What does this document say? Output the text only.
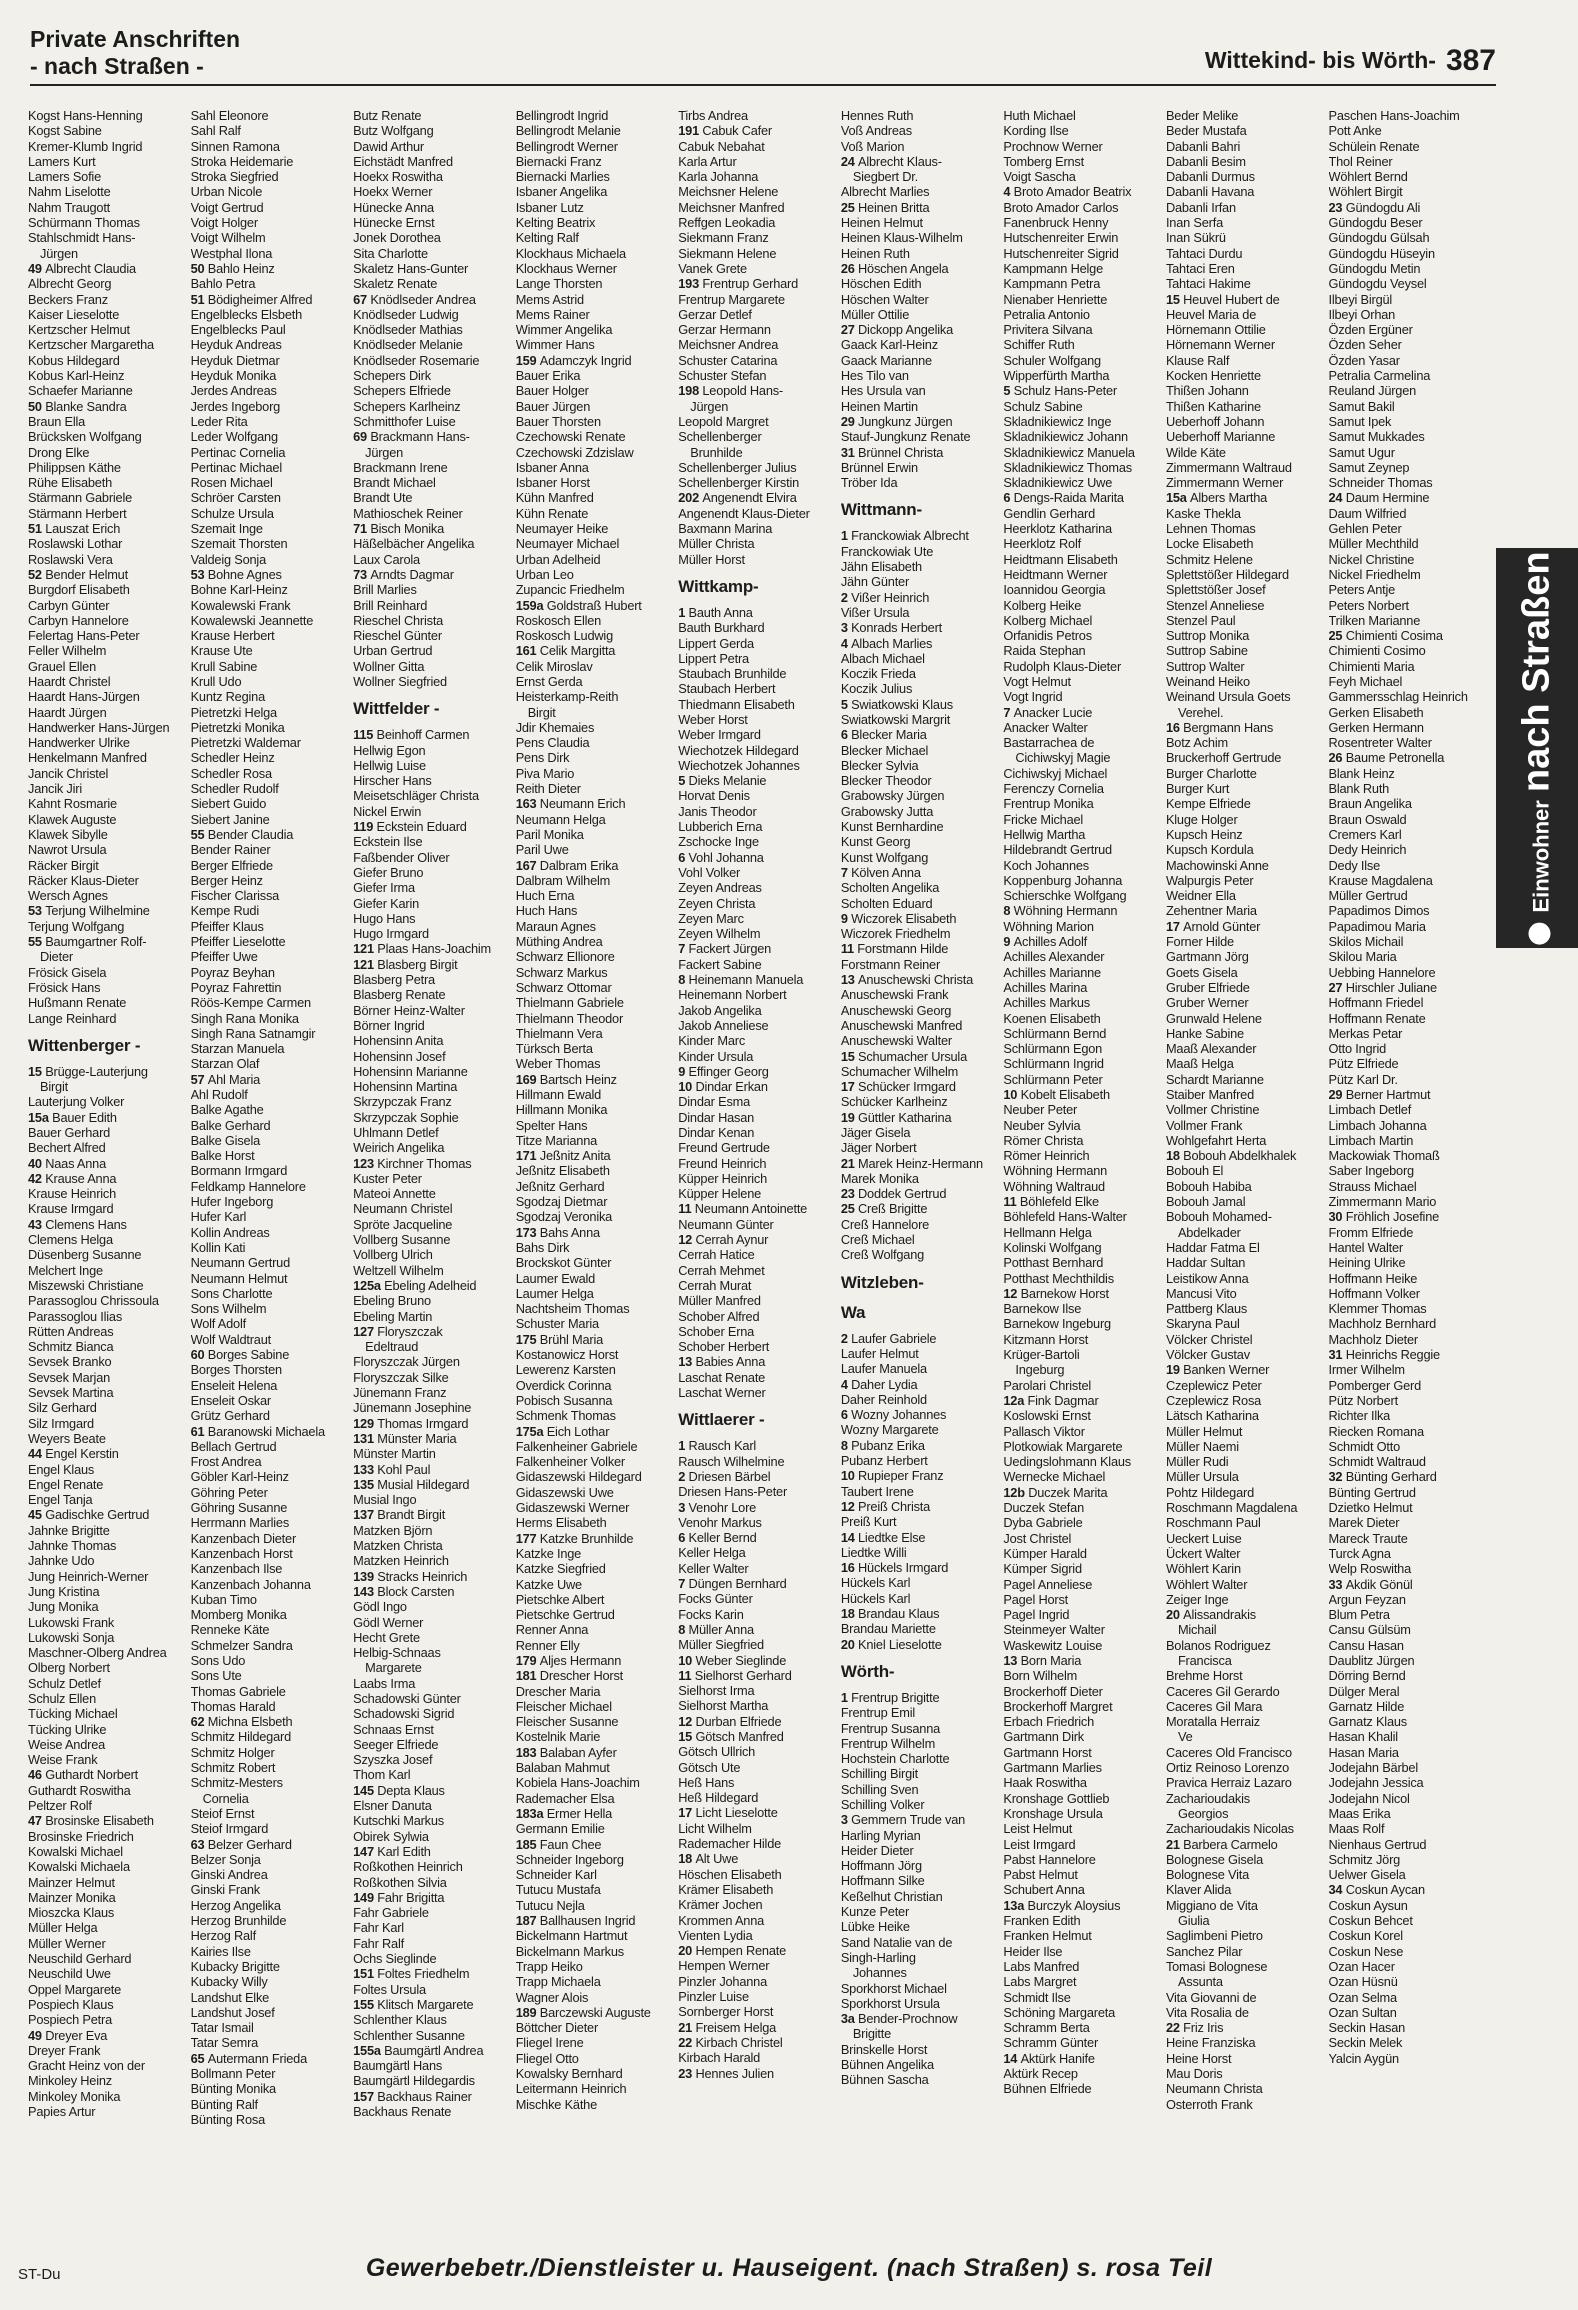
Private Anschriften
- nach Straßen -	Wittekind- bis Wörth- 387
Kogst Hans-Henning
Kogst Sabine
Kremer-Klumb Ingrid
Lamers Kurt
Lamers Sofie
Nahm Liselotte
Nahm Traugott
Schürmann Thomas
Stahlschmidt Hans-
Jürgen
49 Albrecht Claudia
Albrecht Georg
Beckers Franz
Kaiser Lieselotte
Kertzscher Helmut
Kertzscher Margaretha
Kobus Hildegard
Kobus Karl-Heinz
Schaefer Marianne
50 Blanke Sandra
Braun Ella
Brücksken Wolfgang
Drong Elke
Philippsen Käthe
Rühe Elisabeth
Stärmann Gabriele
Stärmann Herbert
51 Lauszat Erich
Roslawski Lothar
Roslawski Vera
52 Bender Helmut
Burgdorf Elisabeth
Carbyn Günter
Carbyn Hannelore
Felertag Hans-Peter
Feller Wilhelm
Grauel Ellen
Haardt Christel
Haardt Hans-Jürgen
Haardt Jürgen
Handwerker Hans-Jürgen
Handwerker Ulrike
Henkelmann Manfred
Jancik Christel
Jancik Jiri
Kahnt Rosmarie
Klawek Auguste
Klawek Sibylle
Nawrot Ursula
Räcker Birgit
Räcker Klaus-Dieter
Wersch Agnes
53 Terjung Wilhelmine
Terjung Wolfgang
55 Baumgartner Rolf-
Dieter
Frösick Gisela
Frösick Hans
Hußmann Renate
Lange Reinhard
Wittenberger -
15 Brügge-Lauterjung
Birgit
Lauterjung Volker
15a Bauer Edith
Bauer Gerhard
Bechert Alfred
40 Naas Anna
42 Krause Anna
Krause Heinrich
Krause Irmgard
43 Clemens Hans
Clemens Helga
Düsenberg Susanne
Melchert Inge
Miszewski Christiane
Parassoglou Chrissoula
Parassoglou Ilias
Rütten Andreas
Schmitz Bianca
Sevsek Branko
Sevsek Marjan
Sevsek Martina
Silz Gerhard
Silz Irmgard
Weyers Beate
44 Engel Kerstin
Engel Klaus
Engel Renate
Engel Tanja
45 Gadischke Gertrud
Jahnke Brigitte
Jahnke Thomas
Jahnke Udo
Jung Heinrich-Werner
Jung Kristina
Jung Monika
Lukowski Frank
Lukowski Sonja
Maschner-Olberg Andrea
Olberg Norbert
Schulz Detlef
Schulz Ellen
Tücking Michael
Tücking Ulrike
Weise Andrea
Weise Frank
46 Guthardt Norbert
Guthardt Roswitha
Peltzer Rolf
47 Brosinske Elisabeth
Brosinske Friedrich
Kowalski Michael
Kowalski Michaela
Mainzer Helmut
Mainzer Monika
Mioszcka Klaus
Müller Helga
Müller Werner
Neuschild Gerhard
Neuschild Uwe
Oppel Margarete
Pospiech Klaus
Pospiech Petra
49 Dreyer Eva
Dreyer Frank
Gracht Heinz von der
Minkoley Heinz
Minkoley Monika
Papies Artur
Sahl Eleonore
Sahl Ralf
Sinnen Ramona
Stroka Heidemarie
Stroka Siegfried
Urban Nicole
Voigt Gertrud
Voigt Holger
Voigt Wilhelm
Westphal Ilona
50 Bahlo Heinz
Bahlo Petra
51 Bödigheimer Alfred
Engelblecks Elsbeth
Engelblecks Paul
Heyduk Andreas
Heyduk Dietmar
Heyduk Monika
Jerdes Andreas
Jerdes Ingeborg
Leder Rita
Leder Wolfgang
Pertinac Cornelia
Pertinac Michael
Rosen Michael
Schröer Carsten
Schulze Ursula
Szemait Inge
Szemait Thorsten
Valdeig Sonja
53 Bohne Agnes
Bohne Karl-Heinz
Kowalewski Frank
Kowalewski Jeannette
Krause Herbert
Krause Ute
Krull Sabine
Krull Udo
Kuntz Regina
Pietretzki Helga
Pietretzki Monika
Pietretzki Waldemar
Schedler Heinz
Schedler Rosa
Schedler Rudolf
Siebert Guido
Siebert Janine
55 Bender Claudia
Bender Rainer
Berger Elfriede
Berger Heinz
Fischer Clarissa
Kempe Rudi
Pfeiffer Klaus
Pfeiffer Lieselotte
Pfeiffer Uwe
Poyraz Beyhan
Poyraz Fahrettin
Röös-Kempe Carmen
Singh Rana Monika
Singh Rana Satnamgir
Starzan Manuela
Starzan Olaf
57 Ahl Maria
Ahl Rudolf
Balke Agathe
Balke Gerhard
Balke Gisela
Balke Horst
Bormann Irmgard
Feldkamp Hannelore
Hufer Ingeborg
Hufer Karl
Kollin Andreas
Kollin Kati
Neumann Gertrud
Neumann Helmut
Sons Charlotte
Sons Wilhelm
Wolf Adolf
Wolf Waldtraut
60 Borges Sabine
Borges Thorsten
Enseleit Helena
Enseleit Oskar
Grütz Gerhard
61 Baranowski Michaela
Bellach Gertrud
Frost Andrea
Göbler Karl-Heinz
Göhring Peter
Göhring Susanne
Herrmann Marlies
Kanzenbach Dieter
Kanzenbach Horst
Kanzenbach Ilse
Kanzenbach Johanna
Kuban Timo
Momberg Monika
Renneke Käte
Schmelzer Sandra
Sons Udo
Sons Ute
Thomas Gabriele
Thomas Harald
62 Michna Elsbeth
Schmitz Hildegard
Schmitz Holger
Schmitz Robert
Schmitz-Mesters
Cornelia
Steiof Ernst
Steiof Irmgard
63 Belzer Gerhard
Belzer Sonja
Ginski Andrea
Ginski Frank
Herzog Angelika
Herzog Brunhilde
Herzog Ralf
Kairies Ilse
Kubacky Brigitte
Kubacky Willy
Landshut Elke
Landshut Josef
Tatar Ismail
Tatar Semra
65 Autermann Frieda
Bollmann Peter
Bünting Monika
Bünting Ralf
Bünting Rosa
Butz Renate
Butz Wolfgang
Dawid Arthur
Eichstädt Manfred
Hoekx Roswitha
Hoekx Werner
Hünecke Anna
Hünecke Ernst
Jonek Dorothea
Sita Charlotte
Skaletz Hans-Gunter
Skaletz Renate
67 Knödlseder Andrea
Knödlseder Ludwig
Knödlseder Mathias
Knödlseder Melanie
Knödlseder Rosemarie
Schepers Dirk
Schepers Elfriede
Schepers Karlheinz
Schmitthofer Luise
69 Brackmann Hans-
Jürgen
Brackmann Irene
Brandt Michael
Brandt Ute
Mathioschek Reiner
71 Bisch Monika
Häßelbächer Angelika
Laux Carola
73 Arndts Dagmar
Brill Marlies
Brill Reinhard
Rieschel Christa
Rieschel Günter
Urban Gertrud
Wollner Gitta
Wollner Siegfried
Wittfelder -
115 Beinhoff Carmen
Hellwig Egon
Hellwig Luise
Hirscher Hans
Meisetschläger Christa
Nickel Erwin
119 Eckstein Eduard
Eckstein Ilse
Faßbender Oliver
Giefer Bruno
Giefer Irma
Giefer Karin
Hugo Hans
Hugo Irmgard
121 Plaas Hans-Joachim
121 Blasberg Birgit
Blasberg Petra
Blasberg Renate
Börner Heinz-Walter
Börner Ingrid
Hohensinn Anita
Hohensinn Josef
Hohensinn Marianne
Hohensinn Martina
Skrzypczak Franz
Skrzypczak Sophie
Uhlmann Detlef
Weirich Angelika
123 Kirchner Thomas
Kuster Peter
Mateoi Annette
Neumann Christel
Spröte Jacqueline
Vollberg Susanne
Vollberg Ulrich
Weltzell Wilhelm
125a Ebeling Adelheid
Ebeling Bruno
Ebeling Martin
127 Floryszczak
Edeltraud
Floryszczak Jürgen
Floryszczak Silke
Jünemann Franz
Jünemann Josephine
129 Thomas Irmgard
131 Münster Maria
Münster Martin
133 Kohl Paul
135 Musial Hildegard
Musial Ingo
137 Brandt Birgit
Matzken Björn
Matzken Christa
Matzken Heinrich
139 Stracks Heinrich
143 Block Carsten
Gödl Ingo
Gödl Werner
Hecht Grete
Helbig-Schnaas
Margarete
Laabs Irma
Schadowski Günter
Schadowski Sigrid
Schnaas Ernst
Seeger Elfriede
Szyszka Josef
Thom Karl
145 Depta Klaus
Elsner Danuta
Kutschki Markus
Obirek Sylwia
147 Karl Edith
Roßkothen Heinrich
Roßkothen Silvia
149 Fahr Brigitta
Fahr Gabriele
Fahr Karl
Fahr Ralf
Ochs Sieglinde
151 Foltes Friedhelm
Foltes Ursula
155 Klitsch Margarete
Schlenther Klaus
Schlenther Susanne
155a Baumgärtl Andrea
Baumgärtl Hans
Baumgärtl Hildegardis
157 Backhaus Rainer
Backhaus Renate
Bellingrodt Ingrid
Bellingrodt Melanie
Bellingrodt Werner
Biernacki Franz
Biernacki Marlies
Isbaner Angelika
Isbaner Lutz
Kelting Beatrix
Kelting Ralf
Klockhaus Michaela
Klockhaus Werner
Lange Thorsten
Mems Astrid
Mems Rainer
Wimmer Angelika
Wimmer Hans
159 Adamczyk Ingrid
Bauer Erika
Bauer Holger
Bauer Jürgen
Bauer Thorsten
Czechowski Renate
Czechowski Zdzislaw
Isbaner Anna
Isbaner Horst
Kühn Manfred
Kühn Renate
Neumayer Heike
Neumayer Michael
Urban Adelheid
Urban Leo
Zupancic Friedhelm
159a Goldstraß Hubert
Roskosch Ellen
Roskosch Ludwig
161 Celik Margitta
Celik Miroslav
Ernst Gerda
Heisterkamp-Reith
Birgit
Jdir Khemaies
Pens Claudia
Pens Dirk
Piva Mario
Reith Dieter
163 Neumann Erich
Neumann Helga
Paril Monika
Paril Uwe
167 Dalbram Erika
Dalbram Wilhelm
Huch Erna
Huch Hans
Maraun Agnes
Müthing Andrea
Schwarz Ellionore
Schwarz Markus
Schwarz Ottomar
Thielmann Gabriele
Thielmann Theodor
Thielmann Vera
Türksch Berta
Weber Thomas
169 Bartsch Heinz
Hillmann Ewald
Hillmann Monika
Spelter Hans
Titze Marianna
171 Jeßnitz Anita
Jeßnitz Elisabeth
Jeßnitz Gerhard
Sgodzaj Dietmar
Sgodzaj Veronika
173 Bahs Anna
Bahs Dirk
Brockskot Günter
Laumer Ewald
Laumer Helga
Nachtsheim Thomas
Schuster Maria
175 Brühl Maria
Kostanowicz Horst
Lewerenz Karsten
Overdick Corinna
Pobisch Susanna
Schmenk Thomas
175a Eich Lothar
Falkenheiner Gabriele
Falkenheiner Volker
Gidaszewski Hildegard
Gidaszewski Uwe
Gidaszewski Werner
Herms Elisabeth
177 Katzke Brunhilde
Katzke Inge
Katzke Siegfried
Katzke Uwe
Pietschke Albert
Pietschke Gertrud
Renner Anna
Renner Elly
179 Aljes Hermann
181 Drescher Horst
Drescher Maria
Fleischer Michael
Fleischer Susanne
Kostelnik Marie
183 Balaban Ayfer
Balaban Mahmut
Kobiela Hans-Joachim
Rademacher Elsa
183a Ermer Hella
Germann Emilie
185 Faun Chee
Schneider Ingeborg
Schneider Karl
Tutucu Mustafa
Tutucu Nejla
187 Ballhausen Ingrid
Bickelmann Hartmut
Bickelmann Markus
Trapp Heiko
Trapp Michaela
Wagner Alois
189 Barczewski Auguste
Böttcher Dieter
Fliegel Irene
Fliegel Otto
Kowalsky Bernhard
Leitermann Heinrich
Mischke Käthe
Tirbs Andrea
191 Cabuk Cafer
Cabuk Nebahat
Karla Artur
Karla Johanna
Meichsner Helene
Meichsner Manfred
Reffgen Leokadia
Siekmann Franz
Siekmann Helene
Vanek Grete
193 Frentrup Gerhard
Frentrup Margarete
Gerzar Detlef
Gerzar Hermann
Meichsner Andrea
Schuster Catarina
Schuster Stefan
198 Leopold Hans-
Jürgen
Leopold Margret
Schellenberger
Brunhilde
Schellenberger Julius
Schellenberger Kirstin
202 Angenendt Elvira
Angenendt Klaus-Dieter
Baxmann Marina
Müller Christa
Müller Horst
Wittkamp-
1 Bauth Anna
Bauth Burkhard
Lippert Gerda
Lippert Petra
Staubach Brunhilde
Staubach Herbert
Thiedmann Elisabeth
Weber Horst
Weber Irmgard
Wiechotzek Hildegard
Wiechotzek Johannes
5 Dieks Melanie
Horvat Denis
Janis Theodor
Lubberich Erna
Zschocke Inge
6 Vohl Johanna
Vohl Volker
Zeyen Andreas
Zeyen Christa
Zeyen Marc
Zeyen Wilhelm
7 Fackert Jürgen
Fackert Sabine
8 Heinemann Manuela
Heinemann Norbert
Jakob Angelika
Jakob Anneliese
Kinder Marc
Kinder Ursula
9 Effinger Georg
10 Dindar Erkan
Dindar Esma
Dindar Hasan
Dindar Kenan
Freund Gertrude
Freund Heinrich
Küpper Heinrich
Küpper Helene
11 Neumann Antoinette
Neumann Günter
12 Cerrah Aynur
Cerrah Hatice
Cerrah Mehmet
Cerrah Murat
Müller Manfred
Schober Alfred
Schober Erna
Schober Herbert
13 Babies Anna
Laschat Renate
Laschat Werner
Wittlaerer -
1 Rausch Karl
Rausch Wilhelmine
2 Driesen Bärbel
Driesen Hans-Peter
3 Venohr Lore
Venohr Markus
6 Keller Bernd
Keller Helga
Keller Walter
7 Düngen Bernhard
Focks Günter
Focks Karin
8 Müller Anna
Müller Siegfried
10 Weber Sieglinde
11 Sielhorst Gerhard
Sielhorst Irma
Sielhorst Martha
12 Durban Elfriede
15 Götsch Manfred
Götsch Ullrich
Götsch Ute
Heß Hans
Heß Hildegard
17 Licht Lieselotte
Licht Wilhelm
Rademacher Hilde
18 Alt Uwe
Höschen Elisabeth
Krämer Elisabeth
Krämer Jochen
Krommen Anna
Vienten Lydia
20 Hempen Renate
Hempen Werner
Pinzler Johanna
Pinzler Luise
Sornberger Horst
21 Freisem Helga
22 Kirbach Christel
Kirbach Harald
23 Hennes Julien
Hennes Ruth
Voß Andreas
Voß Marion
24 Albrecht Klaus-
Siegbert Dr.
Albrecht Marlies
25 Heinen Britta
Heinen Helmut
Heinen Klaus-Wilhelm
Heinen Ruth
26 Höschen Angela
Höschen Edith
Höschen Walter
Müller Ottilie
27 Dickopp Angelika
Gaack Karl-Heinz
Gaack Marianne
Hes Tilo van
Hes Ursula van
Heinen Martin
29 Jungkunz Jürgen
Stauf-Jungkunz Renate
31 Brünnel Christa
Brünnel Erwin
Tröber Ida
Wittmann-
1 Franckowiak Albrecht
Franckowiak Ute
Jähn Elisabeth
Jähn Günter
2 Vißer Heinrich
Vißer Ursula
3 Konrads Herbert
4 Albach Marlies
Albach Michael
Koczik Frieda
Koczik Julius
5 Swiatkowski Klaus
Swiatkowski Margrit
6 Blecker Maria
Blecker Michael
Blecker Sylvia
Blecker Theodor
Grabowsky Jürgen
Grabowsky Jutta
Kunst Bernhardine
Kunst Georg
Kunst Wolfgang
7 Kölven Anna
Scholten Angelika
Scholten Eduard
9 Wiczorek Elisabeth
Wiczorek Friedhelm
11 Forstmann Hilde
Forstmann Reiner
13 Anuschewski Christa
Anuschewski Frank
Anuschewski Georg
Anuschewski Manfred
Anuschewski Walter
15 Schumacher Ursula
Schumacher Wilhelm
17 Schücker Irmgard
Schücker Karlheinz
19 Güttler Katharina
Jäger Gisela
Jäger Norbert
21 Marek Heinz-Hermann
Marek Monika
23 Doddek Gertrud
25 Creß Brigitte
Creß Hannelore
Creß Michael
Creß Wolfgang
Witzleben-
Wa
2 Laufer Gabriele
Laufer Helmut
Laufer Manuela
4 Daher Lydia
Daher Reinhold
6 Wozny Johannes
Wozny Margarete
8 Pubanz Erika
Pubanz Herbert
10 Rupieper Franz
Taubert Irene
12 Preiß Christa
Preiß Kurt
14 Liedtke Else
Liedtke Willi
16 Hückels Irmgard
Hückels Karl
Hückels Karl
18 Brandau Klaus
Brandau Mariette
20 Kniel Lieselotte
Wörth-
1 Frentrup Brigitte
Frentrup Emil
Frentrup Susanna
Frentrup Wilhelm
Hochstein Charlotte
Schilling Birgit
Schilling Sven
Schilling Volker
3 Gemmern Trude van
Harling Myrian
Heider Dieter
Hoffmann Jörg
Hoffmann Silke
Keßelhut Christian
Kunze Peter
Lübke Heike
Sand Natalie van de
Singh-Harling
Johannes
Sporkhorst Michael
Sporkhorst Ursula
3a Bender-Prochnow
Brigitte
Brinskelle Horst
Bühnen Angelika
Bühnen Sascha
Huth Michael
Kording Ilse
Prochnow Werner
Tomberg Ernst
Voigt Sascha
4 Broto Amador Beatrix
Broto Amador Carlos
Fanenbruck Henny
Hutschenreiter Erwin
Hutschenreiter Sigrid
Kampmann Helge
Kampmann Petra
Nienaber Henriette
Petralia Antonio
Privitera Silvana
Schiffer Ruth
Schuler Wolfgang
Wipperfürth Martha
5 Schulz Hans-Peter
Schulz Sabine
Skladnikiewicz Inge
Skladnikiewicz Johann
Skladnikiewicz Manuela
Skladnikiewicz Thomas
Skladnikiewicz Uwe
6 Dengs-Raida Marita
Gendlin Gerhard
Heerklotz Katharina
Heerklotz Rolf
Heidtmann Elisabeth
Heidtmann Werner
Ioannidou Georgia
Kolberg Heike
Kolberg Michael
Orfanidis Petros
Raida Stephan
Rudolph Klaus-Dieter
Vogt Helmut
Vogt Ingrid
7 Anacker Lucie
Anacker Walter
Bastarrachea de
Cichiwskyj Magie
Cichiwskyj Michael
Ferenczy Cornelia
Frentrup Monika
Fricke Michael
Hellwig Martha
Hildebrandt Gertrud
Koch Johannes
Koppenburg Johanna
Schierschke Wolfgang
8 Wöhning Hermann
Wöhning Marion
9 Achilles Adolf
Achilles Alexander
Achilles Marianne
Achilles Marina
Achilles Markus
Koenen Elisabeth
Schlürmann Bernd
Schlürmann Egon
Schlürmann Ingrid
Schlürmann Peter
10 Kobelt Elisabeth
Neuber Peter
Neuber Sylvia
Römer Christa
Römer Heinrich
Wöhning Hermann
Wöhning Waltraud
11 Böhlefeld Elke
Böhlefeld Hans-Walter
Hellmann Helga
Kolinski Wolfgang
Potthast Bernhard
Potthast Mechthildis
12 Barnekow Horst
Barnekow Ilse
Barnekow Ingeburg
Kitzmann Horst
Krüger-Bartoli
Ingeburg
Parolari Christel
12a Fink Dagmar
Koslowski Ernst
Pallasch Viktor
Plotkowiak Margarete
Uedingslohmann Klaus
Wernecke Michael
12b Duczek Marita
Duczek Stefan
Dyba Gabriele
Jost Christel
Kümper Harald
Kümper Sigrid
Pagel Anneliese
Pagel Horst
Pagel Ingrid
Steinmeyer Walter
Waskewitz Louise
13 Born Maria
Born Wilhelm
Brockerhoff Dieter
Brockerhoff Margret
Erbach Friedrich
Gartmann Dirk
Gartmann Horst
Gartmann Marlies
Haak Roswitha
Kronshage Gottlieb
Kronshage Ursula
Leist Helmut
Leist Irmgard
Pabst Hannelore
Pabst Helmut
Schubert Anna
13a Burczyk Aloysius
Franken Edith
Franken Helmut
Heider Ilse
Labs Manfred
Labs Margret
Schmidt Ilse
Schöning Margareta
Schramm Berta
Schramm Günter
14 Aktürk Hanife
Aktürk Recep
Bühnen Elfriede
Beder Melike
Beder Mustafa
Dabanli Bahri
Dabanli Besim
Dabanli Durmus
Dabanli Havana
Dabanli Irfan
Inan Serfa
Inan Sükrü
Tahtaci Durdu
Tahtaci Eren
Tahtaci Hakime
15 Heuvel Hubert de
Heuvel Maria de
Hörnemann Ottilie
Hörnemann Werner
Klause Ralf
Kocken Henriette
Thißen Johann
Thißen Katharine
Ueberhoff Johann
Ueberhoff Marianne
Wilde Käte
Zimmermann Waltraud
Zimmermann Werner
15a Albers Martha
Kaske Thekla
Lehnen Thomas
Locke Elisabeth
Schmitz Helene
Splettstößer Hildegard
Splettstößer Josef
Stenzel Anneliese
Stenzel Paul
Suttrop Monika
Suttrop Sabine
Suttrop Walter
Weinand Heiko
Weinand Ursula Goets
Verehel.
16 Bergmann Hans
Botz Achim
Bruckerhoff Gertrude
Burger Charlotte
Burger Kurt
Kempe Elfriede
Kluge Holger
Kupsch Heinz
Kupsch Kordula
Machowinski Anne
Walpurgis Peter
Weidner Ella
Zehentner Maria
17 Arnold Günter
Forner Hilde
Gartmann Jörg
Goets Gisela
Gruber Elfriede
Gruber Werner
Grunwald Helene
Hanke Sabine
Maaß Alexander
Maaß Helga
Schardt Marianne
Staiber Manfred
Vollmer Christine
Vollmer Frank
Wohlgefahrt Herta
18 Bobouh Abdelkhalek
Bobouh El
Bobouh Habiba
Bobouh Jamal
Bobouh Mohamed-
Abdelkader
Haddar Fatma El
Haddar Sultan
Leistikow Anna
Mancusi Vito
Pattberg Klaus
Skaryna Paul
Völcker Christel
Völcker Gustav
19 Banken Werner
Czeplewicz Peter
Czeplewicz Rosa
Lätsch Katharina
Müller Helmut
Müller Naemi
Müller Rudi
Müller Ursula
Pohtz Hildegard
Roschmann Magdalena
Roschmann Paul
Ueckert Luise
Ückert Walter
Wöhlert Karin
Wöhlert Walter
Zeiger Inge
20 Alissandrakis
Michail
Bolanos Rodriguez
Francisca
Brehme Horst
Caceres Gil Gerardo
Caceres Gil Mara
Moratalla Herraiz
Ve
Caceres Old Francisco
Ortiz Reinoso Lorenzo
Pravica Herraiz Lazaro
Zacharioudakis
Georgios
Zacharioudakis Nicolas
21 Barbera Carmelo
Bolognese Gisela
Bolognese Vita
Klaver Alida
Miggiano de Vita
Giulia
Saglimbeni Pietro
Sanchez Pilar
Tomasi Bolognese
Assunta
Vita Giovanni de
Vita Rosalia de
22 Friz Iris
Heine Franziska
Heine Horst
Mau Doris
Neumann Christa
Osterroth Frank
Paschen Hans-Joachim
Pott Anke
Schülein Renate
Thol Reiner
Wöhlert Bernd
Wöhlert Birgit
23 Gündogdu Ali
Gündogdu Beser
Gündogdu Gülsah
Gündogdu Hüseyin
Gündogdu Metin
Gündogdu Veysel
Ilbeyi Birgül
Ilbeyi Orhan
Özden Ergüner
Özden Seher
Özden Yasar
Petralia Carmelina
Reuland Jürgen
Samut Bakil
Samut Ipek
Samut Mukkades
Samut Ugur
Samut Zeynep
Schneider Thomas
24 Daum Hermine
Daum Wilfried
Gehlen Peter
Müller Mechthild
Nickel Christine
Nickel Friedhelm
Peters Antje
Peters Norbert
Trilken Marianne
25 Chimienti Cosima
Chimienti Cosimo
Chimienti Maria
Feyh Michael
Gammersschlag Heinrich
Gerken Elisabeth
Gerken Hermann
Rosentreter Walter
26 Baume Petronella
Blank Heinz
Blank Ruth
Braun Angelika
Braun Oswald
Cremers Karl
Dedy Heinrich
Dedy Ilse
Krause Magdalena
Müller Gertrud
Papadimos Dimos
Papadimou Maria
Skilos Michail
Skilou Maria
Uebbing Hannelore
27 Hirschler Juliane
Hoffmann Friedel
Hoffmann Renate
Merkas Petar
Otto Ingrid
Pütz Elfriede
Pütz Karl Dr.
29 Berner Hartmut
Limbach Detlef
Limbach Johanna
Limbach Martin
Mackowiak Thomaß
Saber Ingeborg
Strauss Michael
Zimmermann Mario
30 Fröhlich Josefine
Fromm Elfriede
Hantel Walter
Heining Ulrike
Hoffmann Heike
Hoffmann Volker
Klemmer Thomas
Machholz Bernhard
Machholz Dieter
31 Heinrichs Reggie
Irmer Wilhelm
Pomberger Gerd
Pütz Norbert
Richter Ilka
Riecken Romana
Schmidt Otto
Schmidt Waltraud
32 Bünting Gerhard
Bünting Gertrud
Dzietko Helmut
Marek Dieter
Mareck Traute
Turck Agna
Welp Roswitha
33 Akdik Gönül
Argun Feyzan
Blum Petra
Cansu Gülsüm
Cansu Hasan
Daublitz Jürgen
Dörring Bernd
Dülger Meral
Garnatz Hilde
Garnatz Klaus
Hasan Khalil
Hasan Maria
Jodejahn Bärbel
Jodejahn Jessica
Jodejahn Nicol
Maas Erika
Maas Rolf
Nienhaus Gertrud
Schmitz Jörg
Uelwer Gisela
34 Coskun Aycan
Coskun Aysun
Coskun Behcet
Coskun Korel
Coskun Nese
Ozan Hacer
Ozan Hüsnü
Ozan Selma
Ozan Sultan
Seckin Hasan
Seckin Melek
Yalcin Aygün
Einwohnernach Straßen
ST-Du	Gewerbebetr./Dienstleister u. Hauseigent. (nach Straßen) s. rosa Teil
